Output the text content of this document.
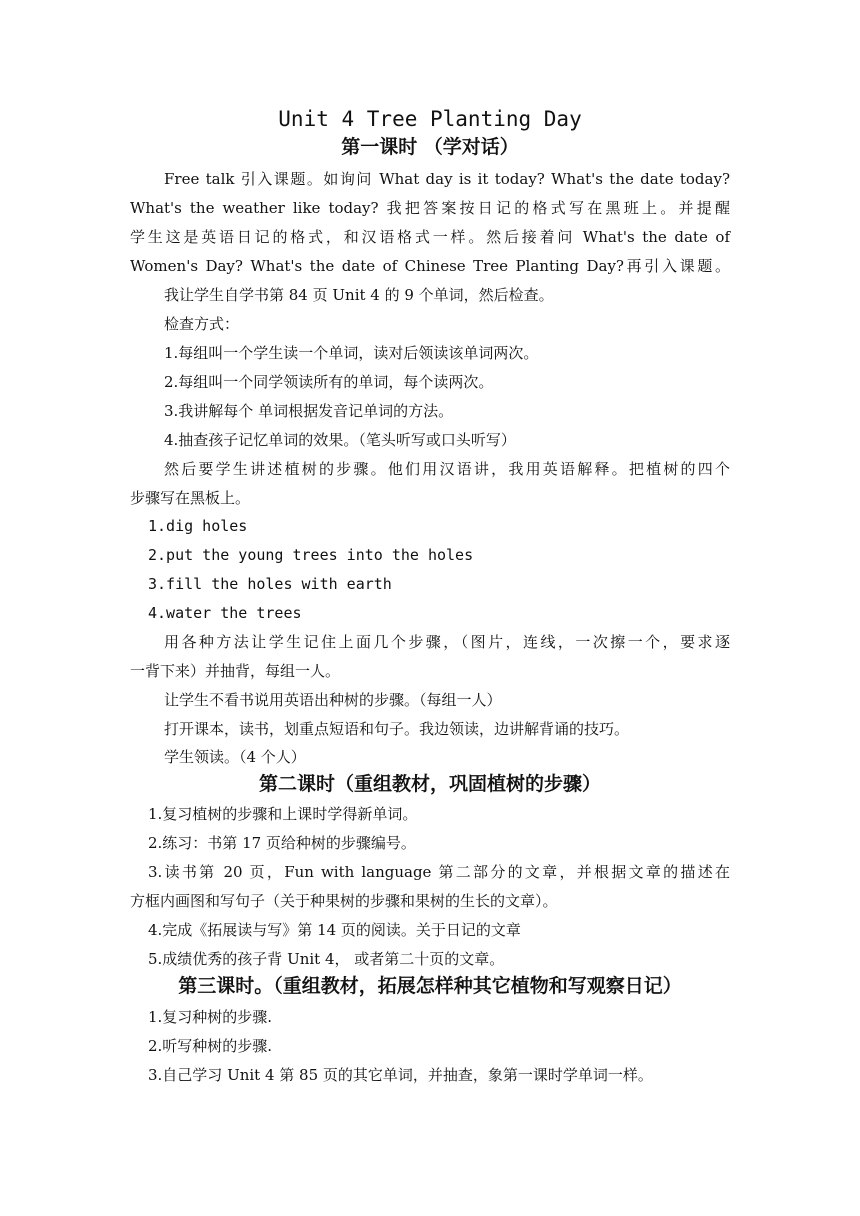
Unit 4 Tree Planting Day
第一课时 （学对话）
Free talk 引入课题。如询问 What day is it today? What's the date today?
What's the weather like today? 我把答案按日记的格式写在黑班上。并提醒
学生这是英语日记的格式，和汉语格式一样。然后接着问 What's the date of
Women's Day? What's the date of Chinese Tree Planting Day?再引入课题。
我让学生自学书第 84 页 Unit 4 的 9 个单词，然后检查。
检查方式：
1.每组叫一个学生读一个单词，读对后领读该单词两次。
2.每组叫一个同学领读所有的单词，每个读两次。
3.我讲解每个 单词根据发音记单词的方法。
4.抽查孩子记忆单词的效果。（笔头听写或口头听写）
然后要学生讲述植树的步骤。他们用汉语讲，我用英语解释。把植树的四个
步骤写在黑板上。
1.dig holes
2.put the young trees into the holes
3.fill the holes with earth
4.water the trees
用各种方法让学生记住上面几个步骤，（图片，连线，一次擦一个，要求逐
一背下来）并抽背，每组一人。
让学生不看书说用英语出种树的步骤。（每组一人）
打开课本，读书，划重点短语和句子。我边领读，边讲解背诵的技巧。
学生领读。（4 个人）
第二课时（重组教材，巩固植树的步骤）
1.复习植树的步骤和上课时学得新单词。
2.练习：书第 17 页给种树的步骤编号。
3.读书第 20 页，Fun with language 第二部分的文章，并根据文章的描述在
方框内画图和写句子（关于种果树的步骤和果树的生长的文章）。
4.完成《拓展读与写》第 14 页的阅读。关于日记的文章
5.成绩优秀的孩子背 Unit 4， 或者第二十页的文章。
第三课时。（重组教材，拓展怎样种其它植物和写观察日记）
1.复习种树的步骤.
2.听写种树的步骤.
3.自己学习 Unit 4 第 85 页的其它单词，并抽查，象第一课时学单词一样。
